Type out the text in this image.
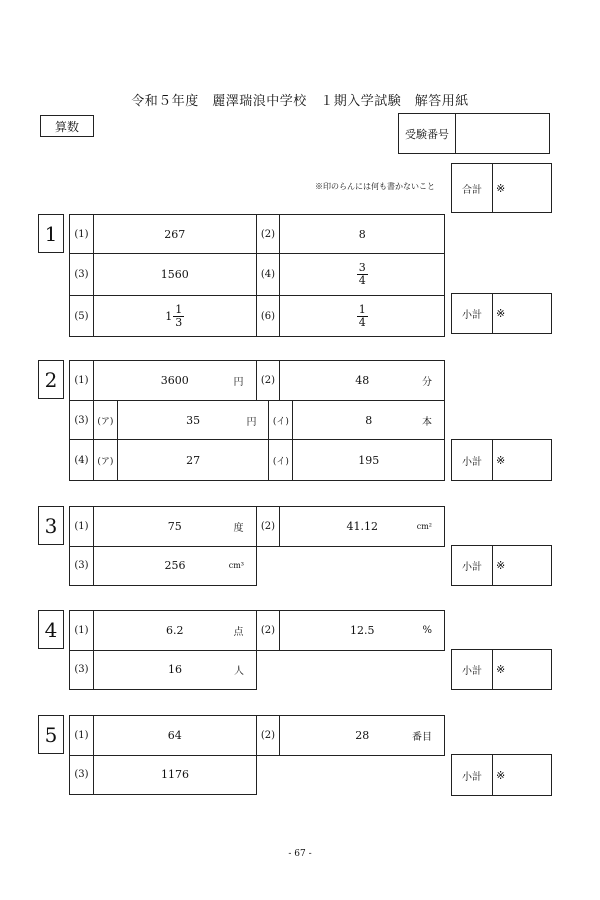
令和５年度　麗澤瑞浪中学校　１期入学試験　解答用紙
算数
受験番号
※印のらんには何も書かないこと	合計	※
1	(1)	267	(2)	8
(3)	1560	(4)	$\frac{3}{4}$
(5)	$1 \frac{1}{3}$	(6)	$\frac{1}{4}$	小計	※
2	(1)	3600	円	(2)	48	分
(3) (ア)	35	円	(イ)	8	本
(4) (ア)	27	(イ)	195	小計	※
3	(1)	75	度	(2)	41.12	cm²
(3)	256	cm³	小計	※
4	(1)	6.2	点	(2)	12.5	%
(3)	16	人	小計	※
5	(1)	64	(2)	28	番目
(3)	1176	小計	※
- 67 -
